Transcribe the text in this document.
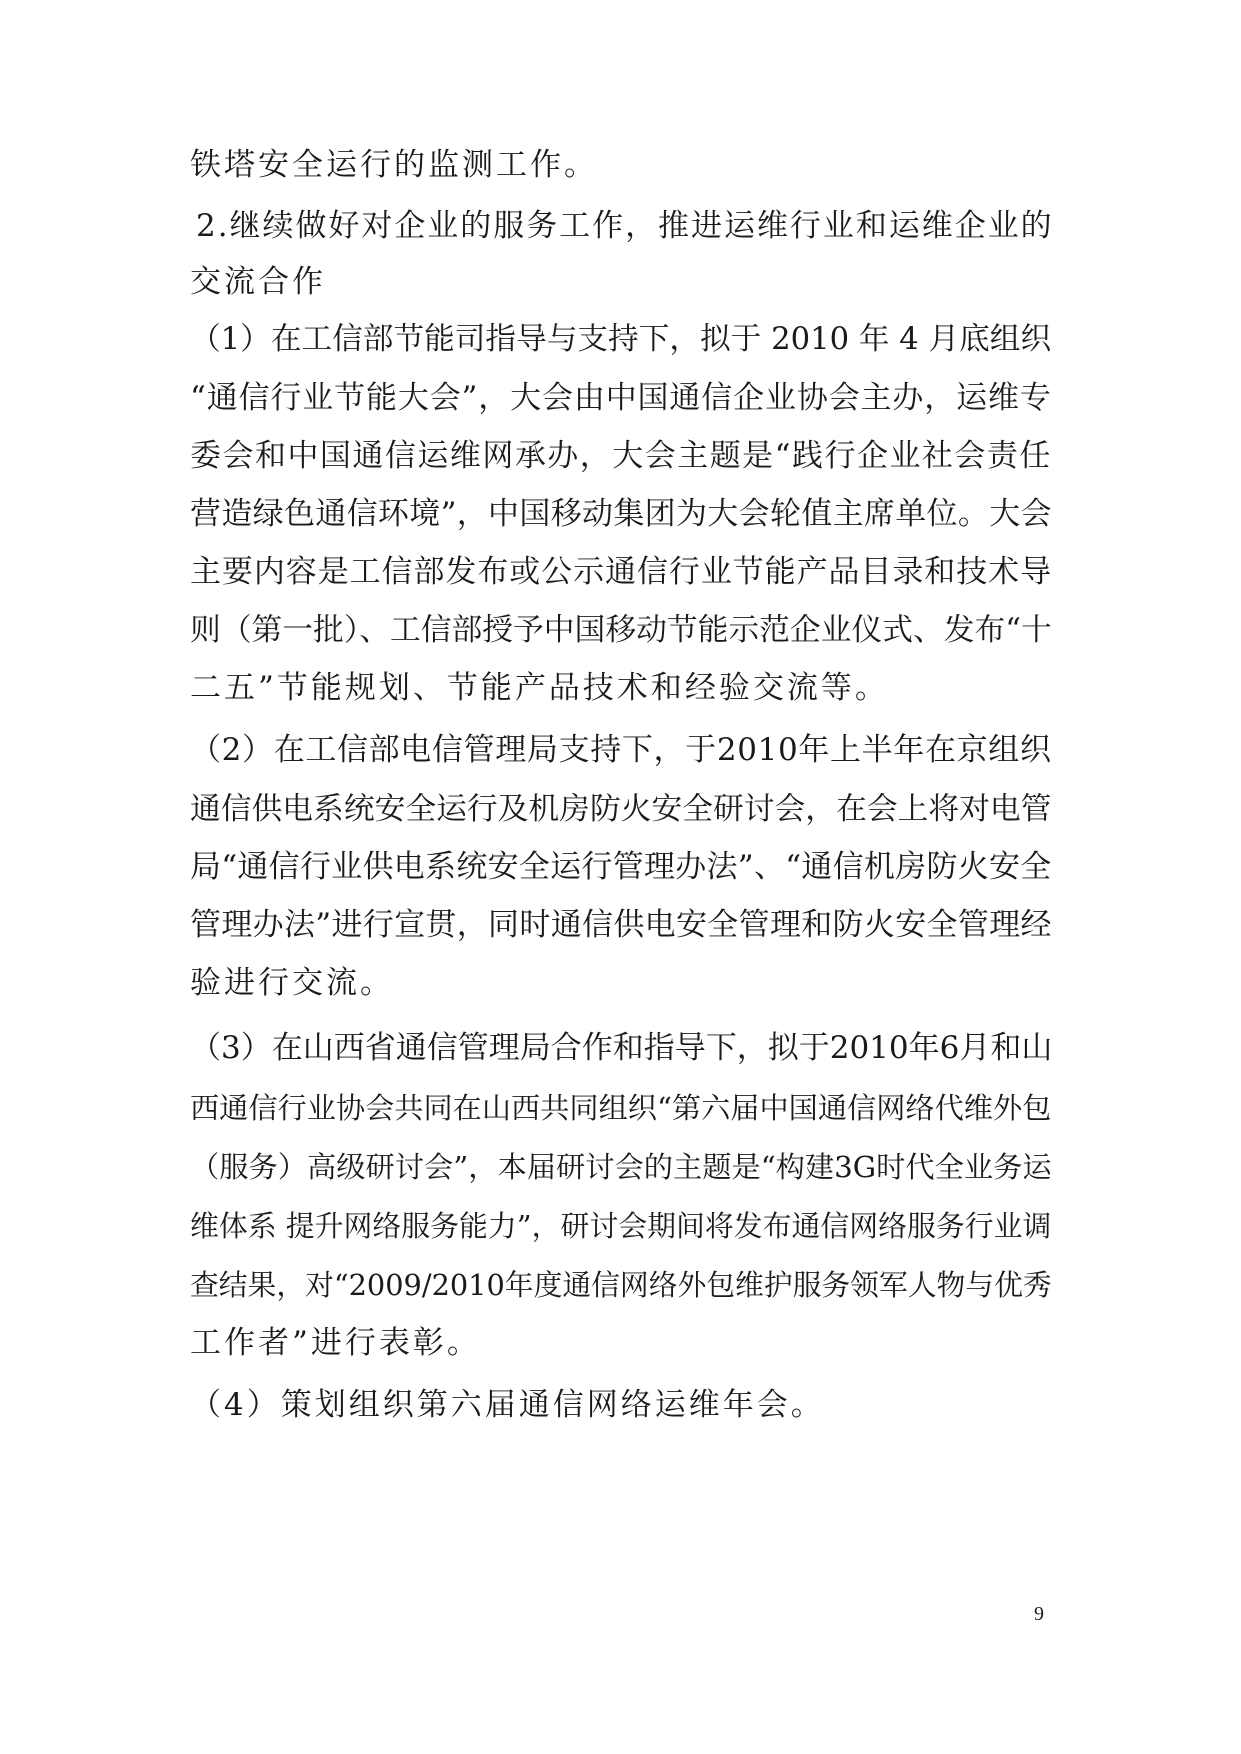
铁塔安全运行的监测工作。
2.继续做好对企业的服务工作，推进运维行业和运维企业的
交流合作
（1）在工信部节能司指导与支持下，拟于 2010 年 4 月底组织
“通信行业节能大会”，大会由中国通信企业协会主办，运维专
委会和中国通信运维网承办，大会主题是“践行企业社会责任
营造绿色通信环境”，中国移动集团为大会轮值主席单位。大会
主要内容是工信部发布或公示通信行业节能产品目录和技术导
则（第一批）、工信部授予中国移动节能示范企业仪式、发布“十
二五”节能规划、节能产品技术和经验交流等。
（2）在工信部电信管理局支持下，于2010年上半年在京组织
通信供电系统安全运行及机房防火安全研讨会，在会上将对电管
局“通信行业供电系统安全运行管理办法”、“通信机房防火安全
管理办法”进行宣贯，同时通信供电安全管理和防火安全管理经
验进行交流。
（3）在山西省通信管理局合作和指导下，拟于2010年6月和山
西通信行业协会共同在山西共同组织“第六届中国通信网络代维外包
（服务）高级研讨会”，本届研讨会的主题是“构建3G时代全业务运
维体系 提升网络服务能力”，研讨会期间将发布通信网络服务行业调
查结果，对“2009/2010年度通信网络外包维护服务领军人物与优秀
工作者”进行表彰。
（4）策划组织第六届通信网络运维年会。
9
